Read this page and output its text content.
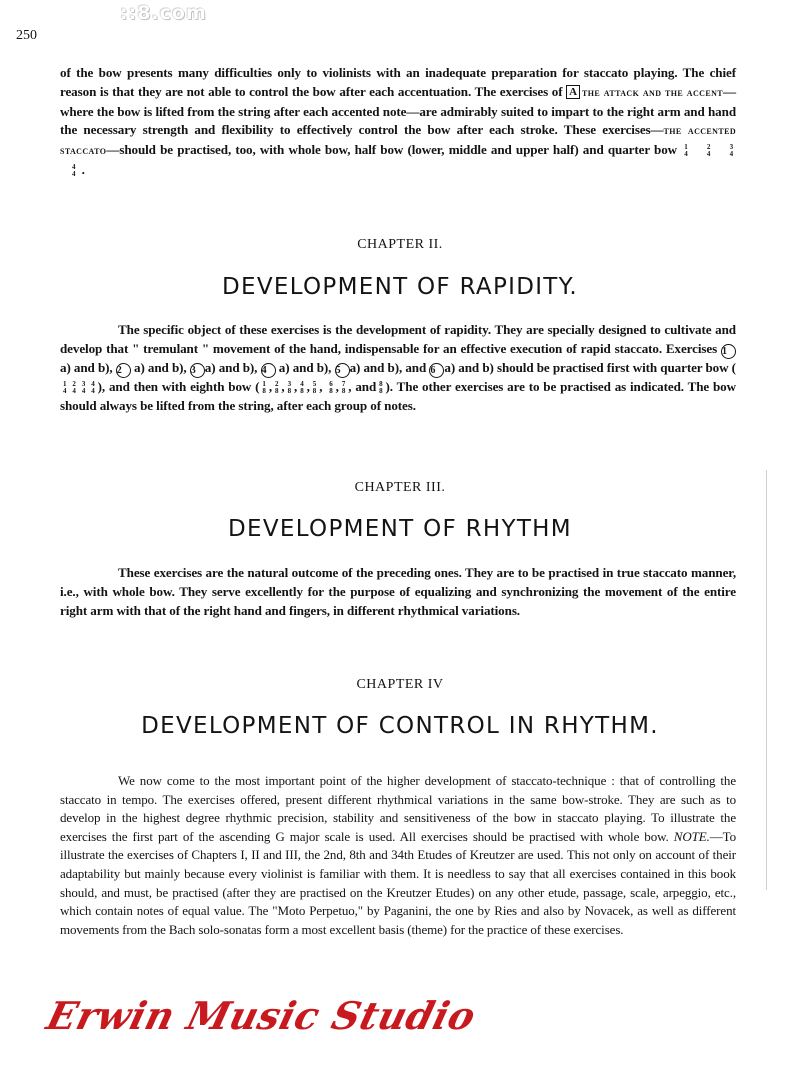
::8.com
250

of the bow presents many difficulties only to violinists with an inadequate preparation for staccato playing. The chief reason is that they are not able to control the bow after each accentuation. The exercises of A the attack and the accent—where the bow is lifted from the string after each accented note—are admirably suited to impart to the right arm and hand the necessary strength and flexibility to effectively control the bow after each stroke. These exercises—the accented staccato—should be practised, too, with whole bow, half bow (lower, middle and upper half) and quarter bow 1
4

2
4

3
4

4
4 .

CHAPTER II.
DEVELOPMENT OF RAPIDITY.

The specific object of these exercises is the development of rapidity. They are specially designed to cultivate and develop that " tremulant " movement of the hand, indispensable for an effective execution of rapid staccato. Exercises 1 a) and b), 2 a) and b), 3 a) and b), 4 a) and b), 5 a) and b), and 6 a) and b) should be practised first with quarter bow (
1
4
2
4
3
4
4
4 ), and then with eighth bow ( 1
8 , 2
8 , 3
8 , 4
8 , 5
8 , 6
8 , 7
8 , and 8
8 ). The other exercises are to be practised as indicated. The bow should always be lifted from the string, after each group of notes.

CHAPTER III.
DEVELOPMENT OF RHYTHM

These exercises are the natural outcome of the preceding ones. They are to be practised in true staccato manner, i.e., with whole bow. They serve excellently for the purpose of equalizing and synchronizing the movement of the entire right arm with that of the right hand and fingers, in different rhythmical variations.

CHAPTER IV
DEVELOPMENT OF CONTROL IN RHYTHM.

We now come to the most important point of the higher development of staccato-technique : that of controlling the staccato in tempo. The exercises offered, present different rhythmical variations in the same bow-stroke. They are such as to develop in the highest degree rhythmic precision, stability and sensitiveness of the bow in staccato playing. To illustrate the exercises the first part of the ascending G major scale is used. All exercises should be practised with whole bow. NOTE.—To illustrate the exercises of Chapters I, II and III, the 2nd, 8th and 34th Etudes of Kreutzer are used. This not only on account of their adaptability but mainly because every violinist is familiar with them. It is needless to say that all exercises contained in this book should, and must, be practised (after they are practised on the Kreutzer Etudes) on any other etude, passage, scale, arpeggio, etc., which contain notes of equal value. The "Moto Perpetuo," by Paganini, the one by Ries and also by Novacek, as well as different movements from the Bach solo-sonatas form a most excellent basis (theme) for the practice of these exercises.

Erwin Music Studio
